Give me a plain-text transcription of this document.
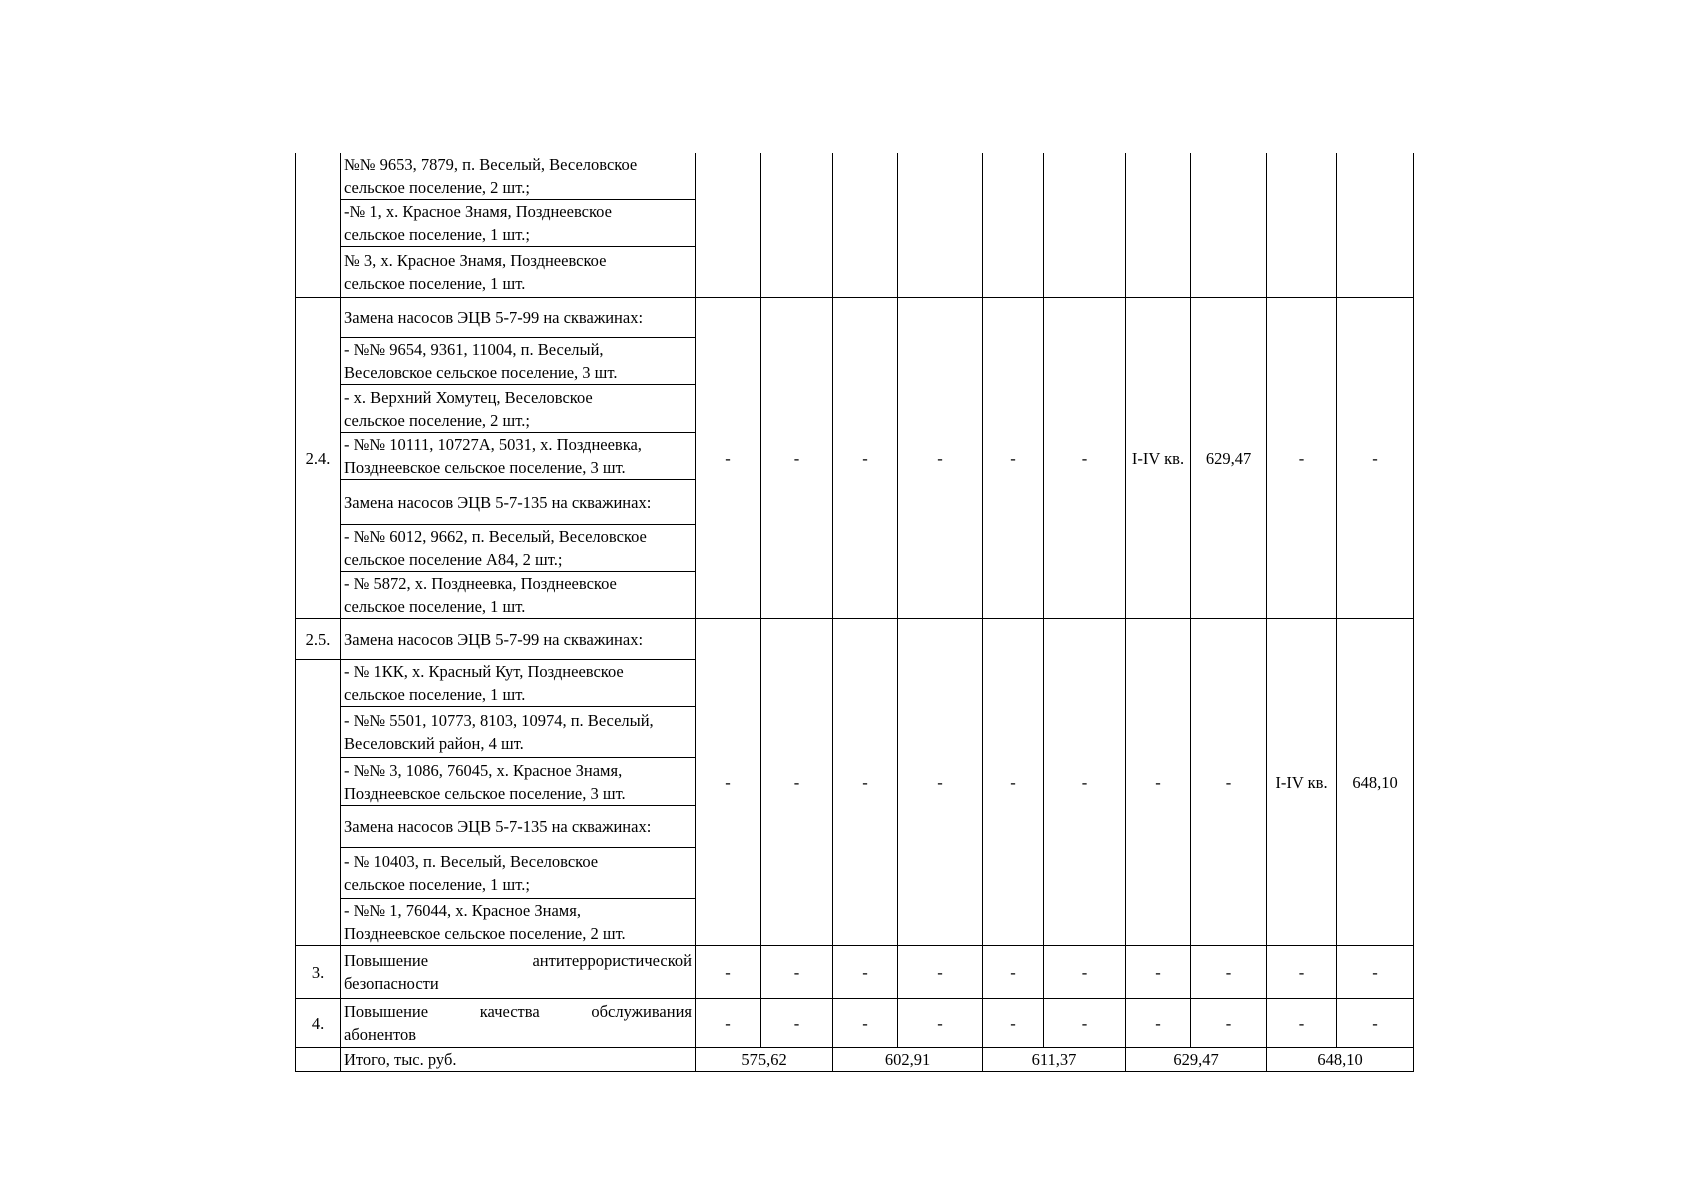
	№№ 9653, 7879, п. Веселый, Веселовское
сельское поселение, 2 шт.;										
	-№ 1, х. Красное Знамя, Позднеевское
сельское поселение, 1 шт.;										
	№ 3, х. Красное Знамя, Позднеевское
сельское поселение, 1 шт.										
2.4.	Замена насосов ЭЦВ 5-7-99 на скважинах:	-	-	-	-	-	-	I-IV кв.	629,47	-	-
	- №№ 9654, 9361, 11004, п. Веселый,
Веселовское сельское поселение, 3 шт.										
	- х. Верхний Хомутец, Веселовское
сельское поселение, 2 шт.;										
	- №№ 10111, 10727А, 5031, х. Позднеевка,
Позднеевское сельское поселение, 3 шт.										
	Замена насосов ЭЦВ 5-7-135 на скважинах:										
	- №№ 6012, 9662, п. Веселый, Веселовское
сельское поселение А84, 2 шт.;										
	- № 5872, х. Позднеевка, Позднеевское
сельское поселение, 1 шт.										
2.5.	Замена насосов ЭЦВ 5-7-99 на скважинах:	-	-	-	-	-	-	-	-	I-IV кв.	648,10
	- № 1КК, х. Красный Кут, Позднеевское
сельское поселение, 1 шт.										
	- №№ 5501, 10773, 8103, 10974, п. Веселый,
Веселовский район, 4 шт.										
	- №№ 3, 1086, 76045, х. Красное Знамя,
Позднеевское сельское поселение, 3 шт.										
	Замена насосов ЭЦВ 5-7-135 на скважинах:										
	- № 10403, п. Веселый, Веселовское
сельское поселение, 1 шт.;										
	- №№ 1, 76044, х. Красное Знамя,
Позднеевское сельское поселение, 2 шт.										
3.	Повышение антитеррористической
безопасности	-	-	-	-	-	-	-	-	-	-
4.	Повышение качества обслуживания
абонентов	-	-	-	-	-	-	-	-	-	-
	Итого, тыс. руб.	575,62		602,91		611,37		629,47		648,10	
